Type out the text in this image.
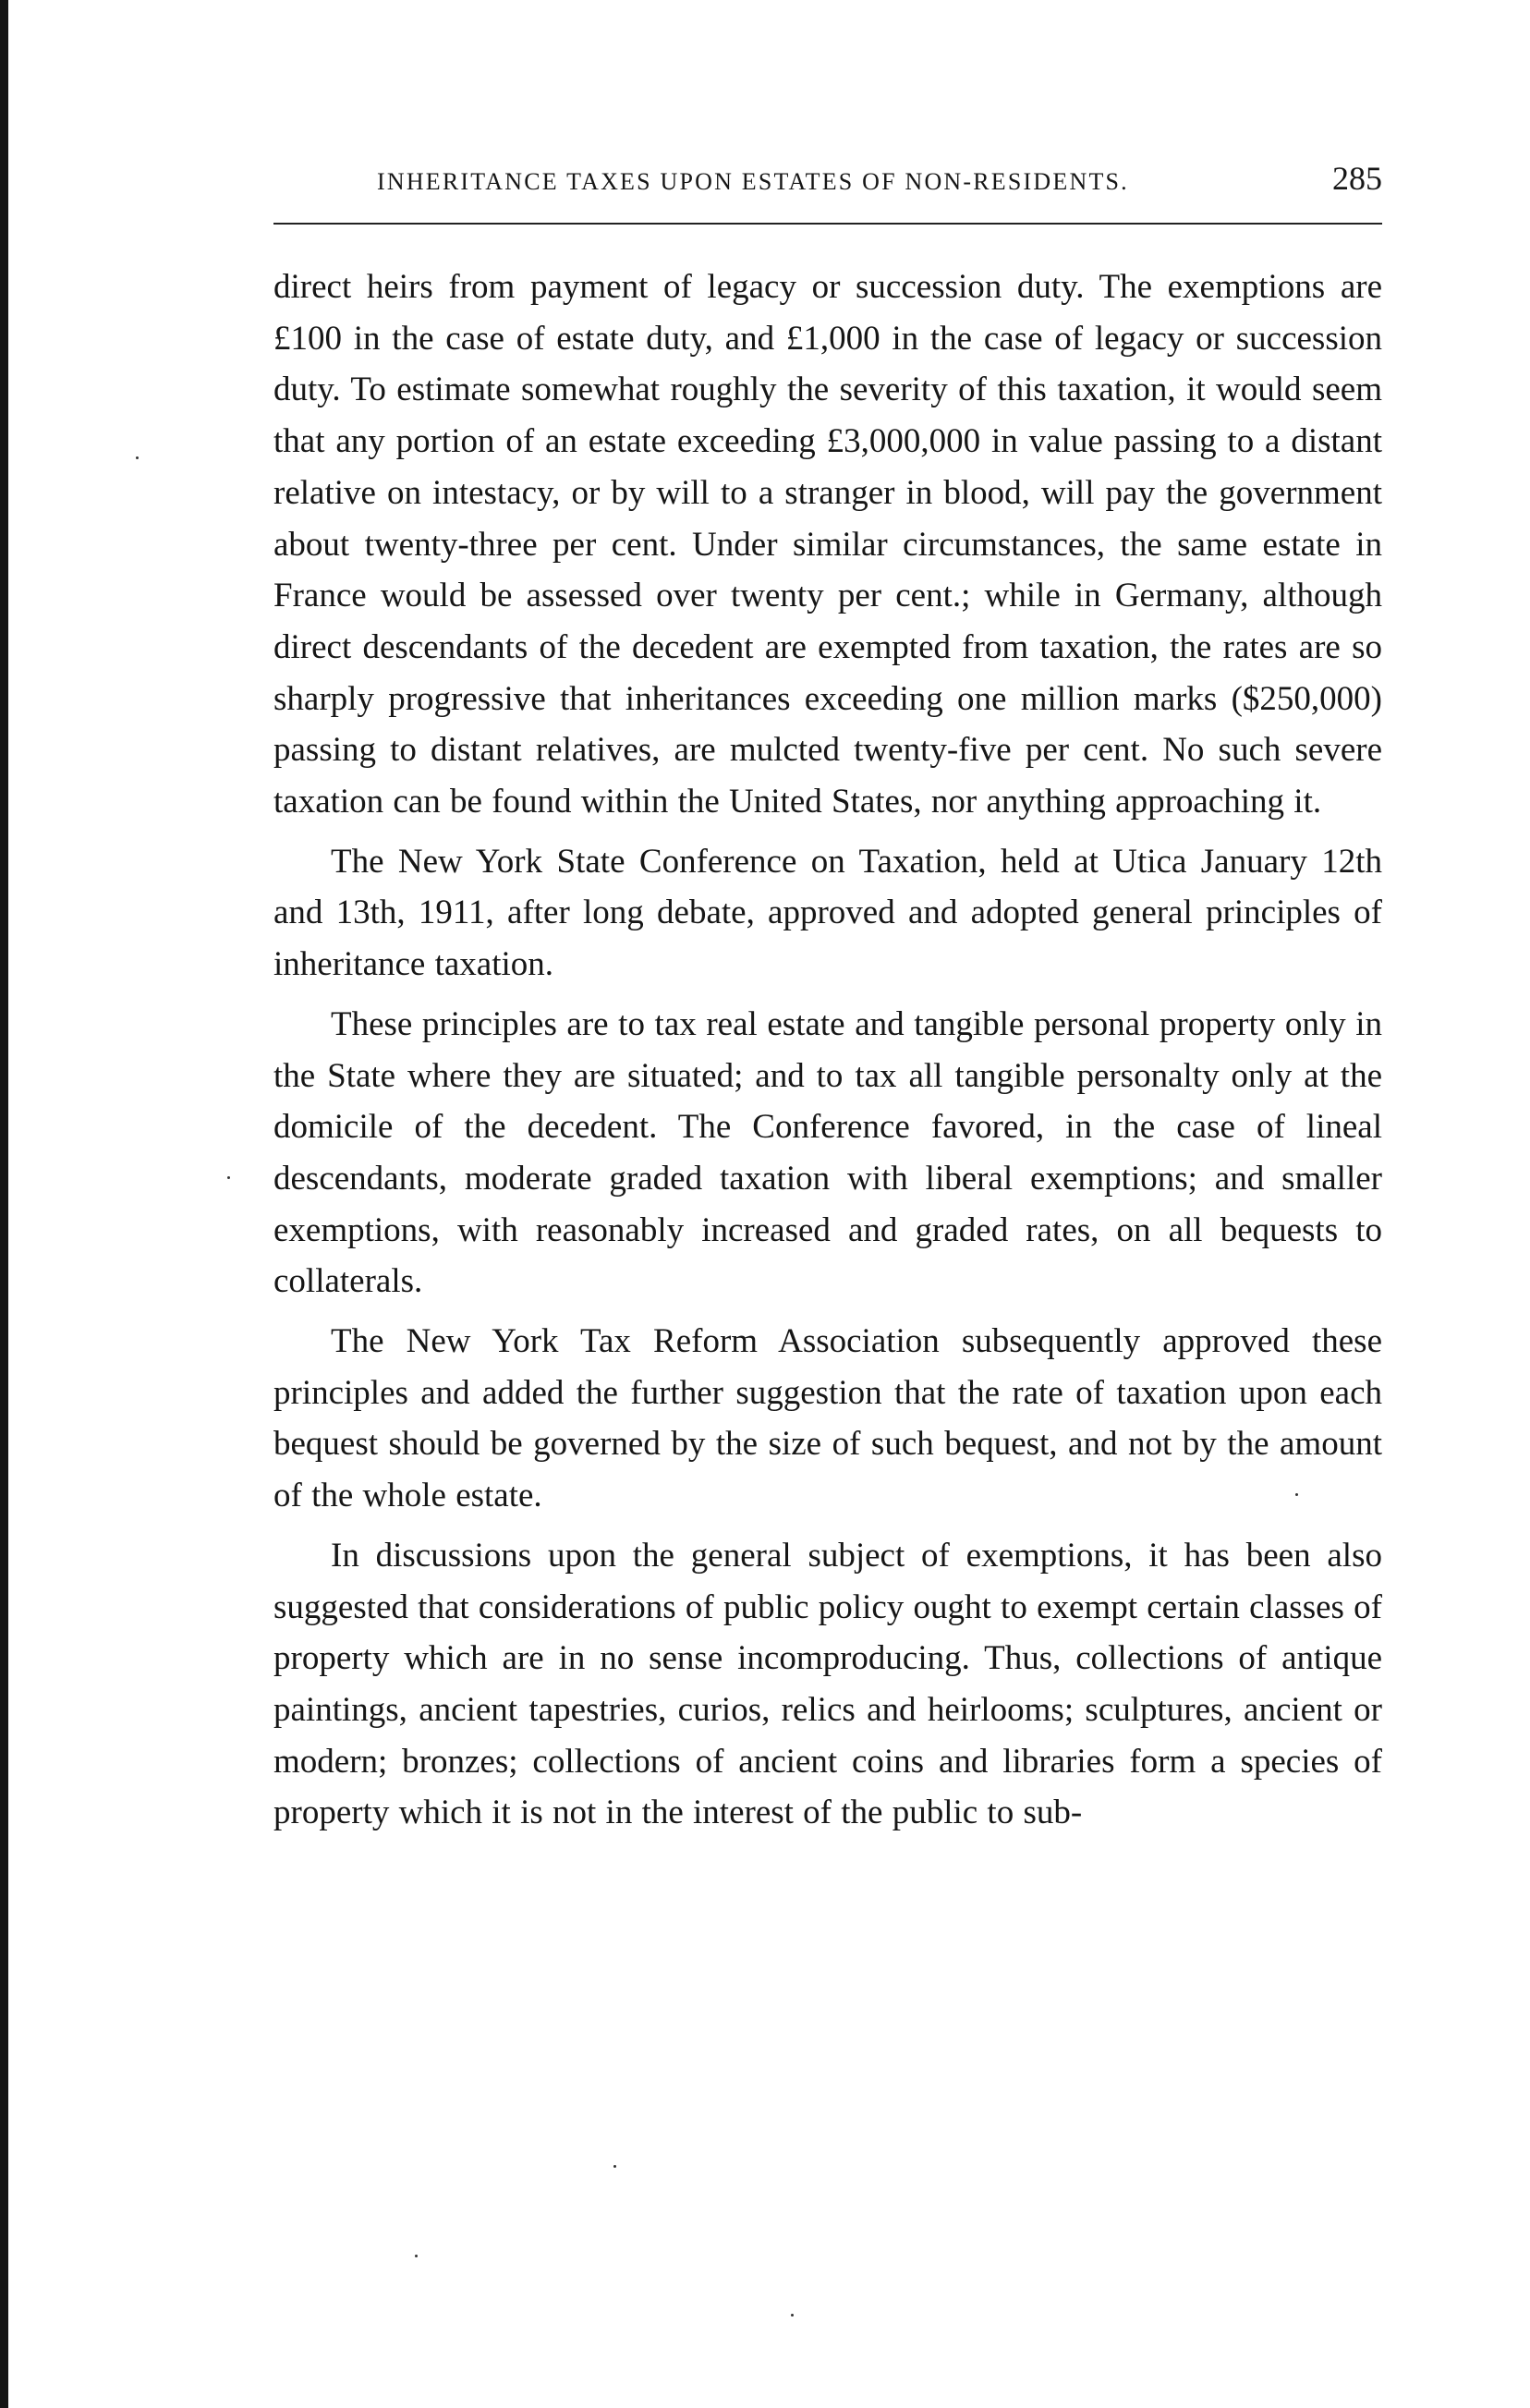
INHERITANCE TAXES UPON ESTATES OF NON-RESIDENTS.	285

direct heirs from payment of legacy or succession duty. The exemptions are £100 in the case of estate duty, and £1,000 in the case of legacy or succession duty. To estimate somewhat roughly the severity of this taxation, it would seem that any portion of an estate exceeding £3,000,000 in value passing to a distant relative on intestacy, or by will to a stranger in blood, will pay the government about twenty-three per cent. Under similar circumstances, the same estate in France would be assessed over twenty per cent.; while in Germany, although direct descendants of the decedent are exempted from taxation, the rates are so sharply progressive that inheritances exceeding one million marks ($250,000) passing to distant relatives, are mulcted twenty-five per cent. No such severe taxation can be found within the United States, nor anything approaching it.

The New York State Conference on Taxation, held at Utica January 12th and 13th, 1911, after long debate, approved and adopted general principles of inheritance taxation.

These principles are to tax real estate and tangible personal property only in the State where they are situated; and to tax all tangible personalty only at the domicile of the decedent. The Conference favored, in the case of lineal descendants, moderate graded taxation with liberal exemptions; and smaller exemptions, with reasonably increased and graded rates, on all bequests to collaterals.

The New York Tax Reform Association subsequently approved these principles and added the further suggestion that the rate of taxation upon each bequest should be governed by the size of such bequest, and not by the amount of the whole estate.

In discussions upon the general subject of exemptions, it has been also suggested that considerations of public policy ought to exempt certain classes of property which are in no sense incomproducing. Thus, collections of antique paintings, ancient tapestries, curios, relics and heirlooms; sculptures, ancient or modern; bronzes; collections of ancient coins and libraries form a species of property which it is not in the interest of the public to sub-
